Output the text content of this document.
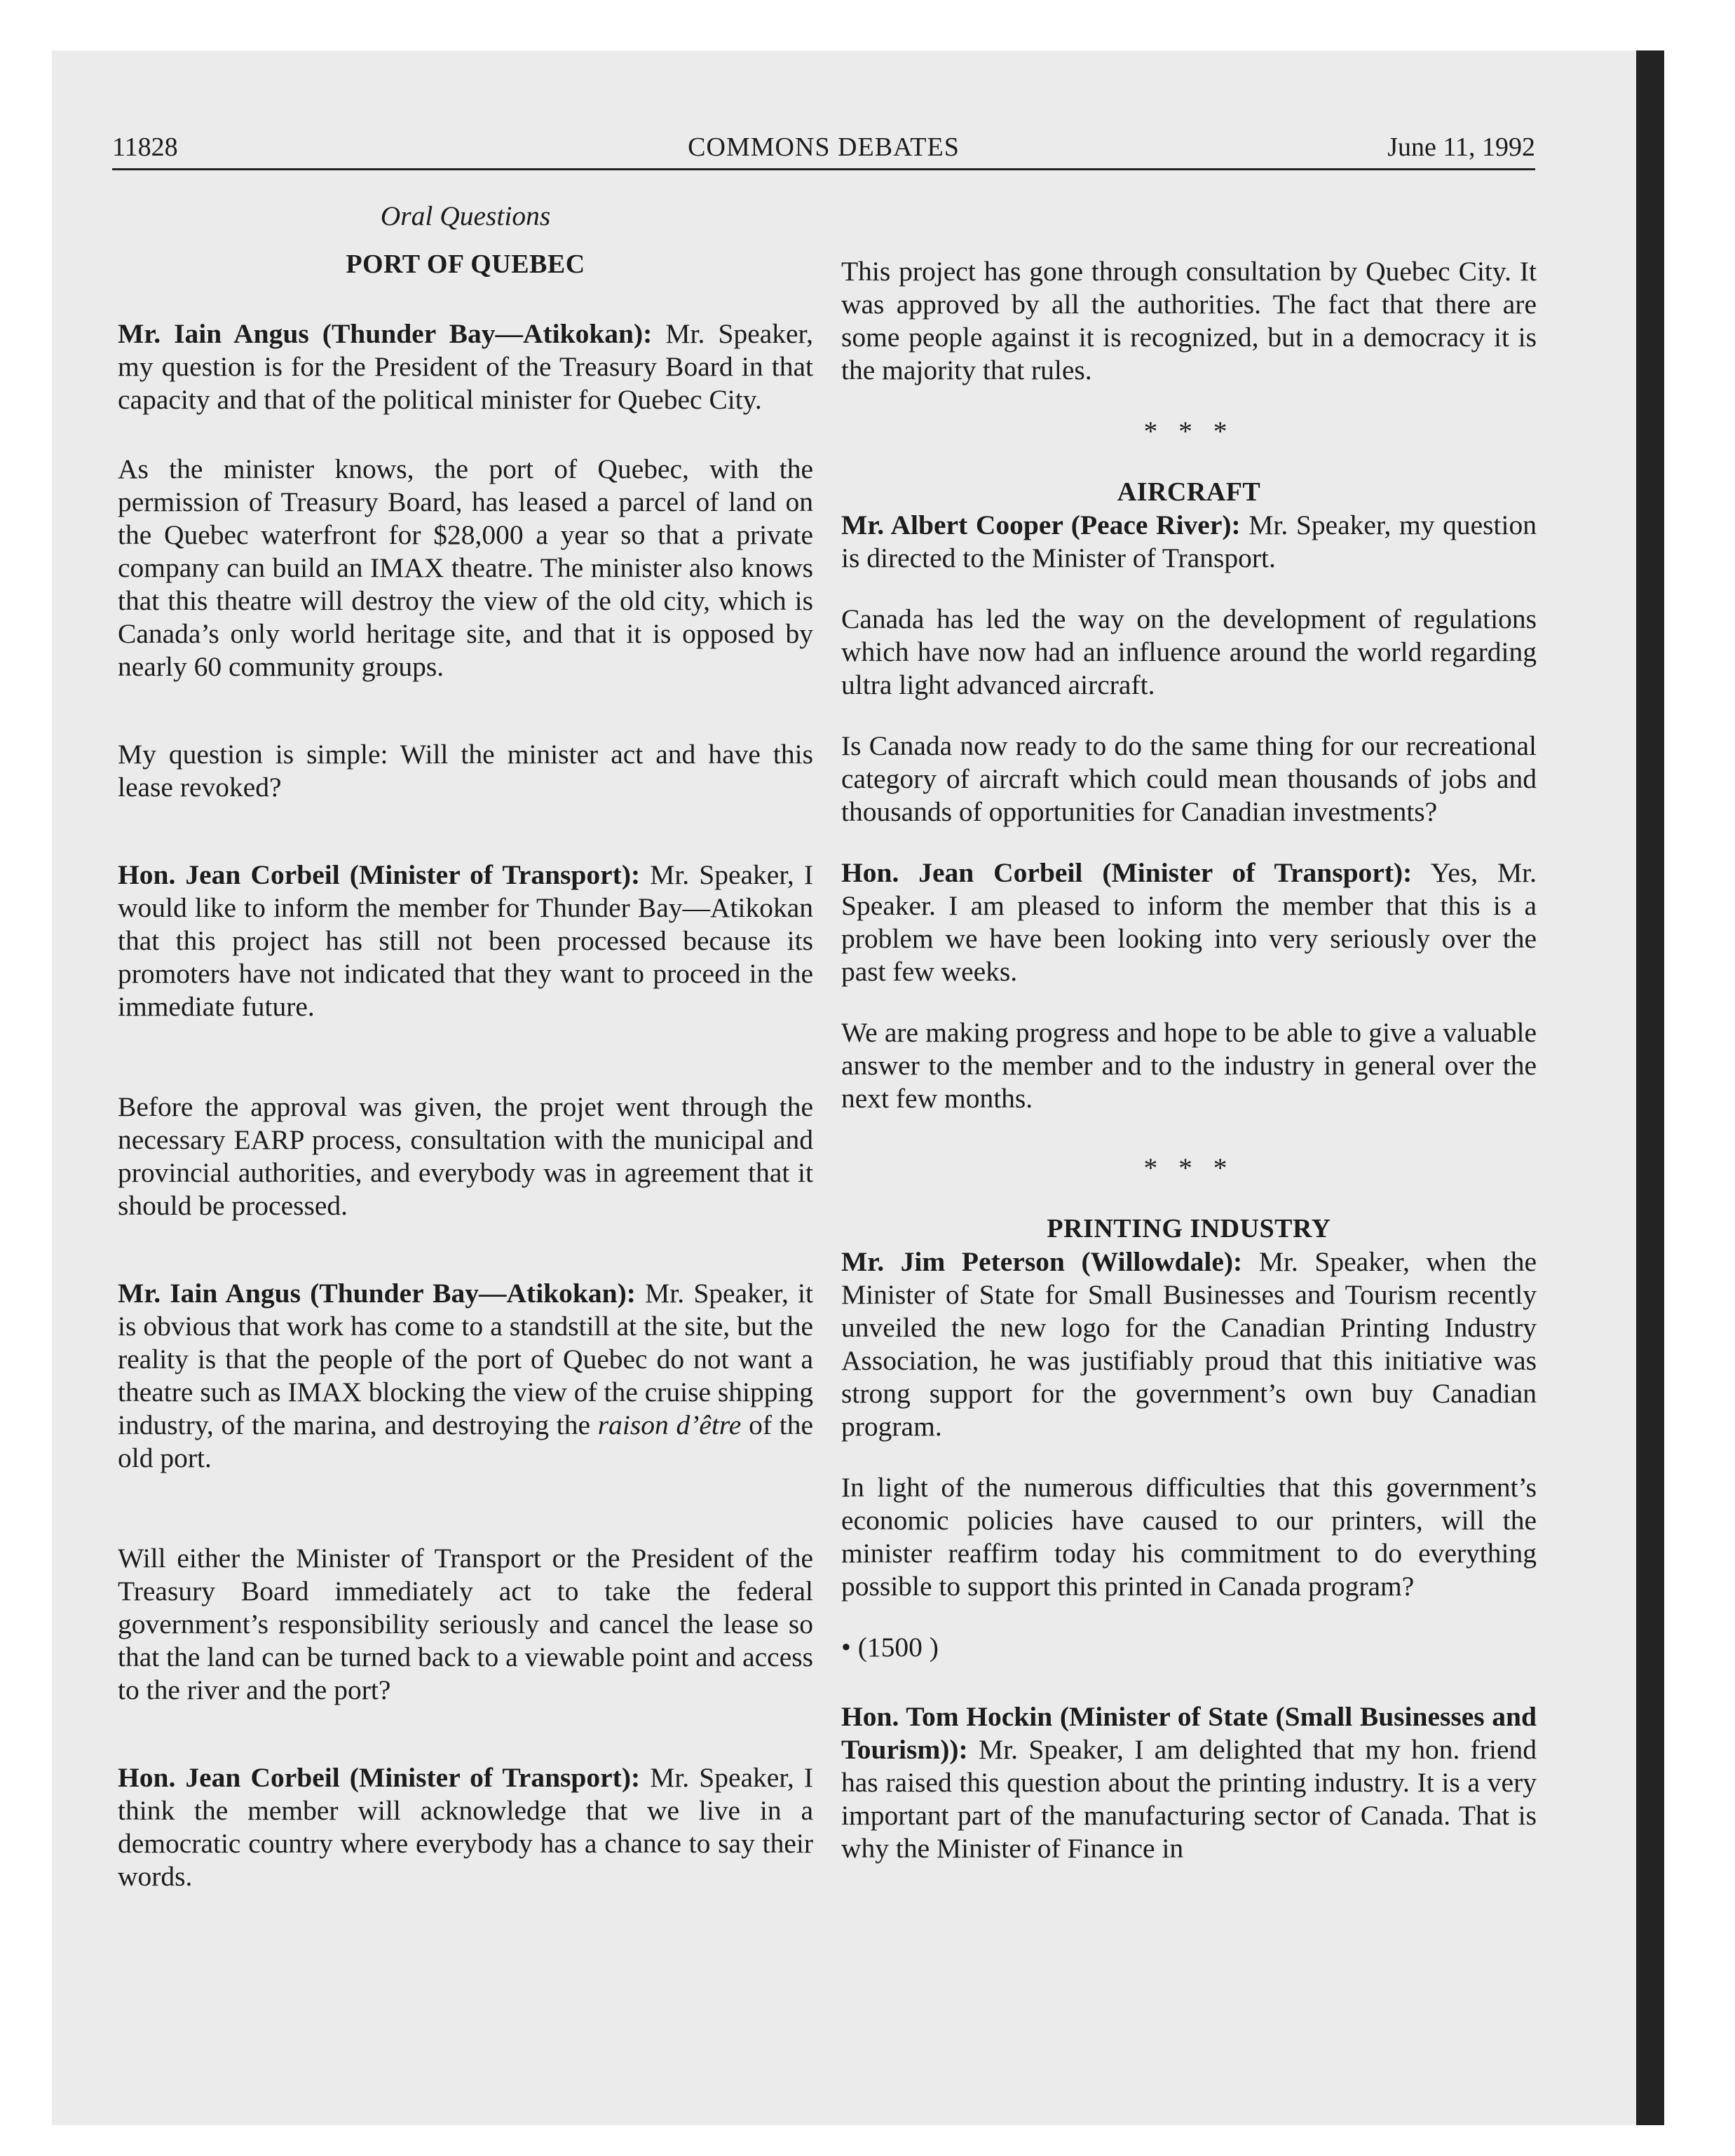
11828	COMMONS DEBATES	June 11, 1992

Oral Questions

PORT OF QUEBEC

Mr. Iain Angus (Thunder Bay—Atikokan): Mr. Speaker, my question is for the President of the Treasury Board in that capacity and that of the political minister for Quebec City.

As the minister knows, the port of Quebec, with the permission of Treasury Board, has leased a parcel of land on the Quebec waterfront for $28,000 a year so that a private company can build an IMAX theatre. The minister also knows that this theatre will destroy the view of the old city, which is Canada’s only world heritage site, and that it is opposed by nearly 60 community groups.

My question is simple: Will the minister act and have this lease revoked?

Hon. Jean Corbeil (Minister of Transport): Mr. Speaker, I would like to inform the member for Thunder Bay—Atikokan that this project has still not been processed because its promoters have not indicated that they want to proceed in the immediate future.

Before the approval was given, the projet went through the necessary EARP process, consultation with the municipal and provincial authorities, and everybody was in agreement that it should be processed.

Mr. Iain Angus (Thunder Bay—Atikokan): Mr. Speaker, it is obvious that work has come to a standstill at the site, but the reality is that the people of the port of Quebec do not want a theatre such as IMAX blocking the view of the cruise shipping industry, of the marina, and destroying the raison d’être of the old port.

Will either the Minister of Transport or the President of the Treasury Board immediately act to take the federal government’s responsibility seriously and cancel the lease so that the land can be turned back to a viewable point and access to the river and the port?

Hon. Jean Corbeil (Minister of Transport): Mr. Speaker, I think the member will acknowledge that we live in a democratic country where everybody has a chance to say their words.

This project has gone through consultation by Quebec City. It was approved by all the authorities. The fact that there are some people against it is recognized, but in a democracy it is the majority that rules.

* * *

AIRCRAFT

Mr. Albert Cooper (Peace River): Mr. Speaker, my question is directed to the Minister of Transport.

Canada has led the way on the development of regulations which have now had an influence around the world regarding ultra light advanced aircraft.

Is Canada now ready to do the same thing for our recreational category of aircraft which could mean thousands of jobs and thousands of opportunities for Canadian investments?

Hon. Jean Corbeil (Minister of Transport): Yes, Mr. Speaker. I am pleased to inform the member that this is a problem we have been looking into very seriously over the past few weeks.

We are making progress and hope to be able to give a valuable answer to the member and to the industry in general over the next few months.

* * *

PRINTING INDUSTRY

Mr. Jim Peterson (Willowdale): Mr. Speaker, when the Minister of State for Small Businesses and Tourism recently unveiled the new logo for the Canadian Printing Industry Association, he was justifiably proud that this initiative was strong support for the government’s own buy Canadian program.

In light of the numerous difficulties that this government’s economic policies have caused to our printers, will the minister reaffirm today his commitment to do everything possible to support this printed in Canada program?

• (1500 )

Hon. Tom Hockin (Minister of State (Small Businesses and Tourism)): Mr. Speaker, I am delighted that my hon. friend has raised this question about the printing industry. It is a very important part of the manufacturing sector of Canada. That is why the Minister of Finance in
